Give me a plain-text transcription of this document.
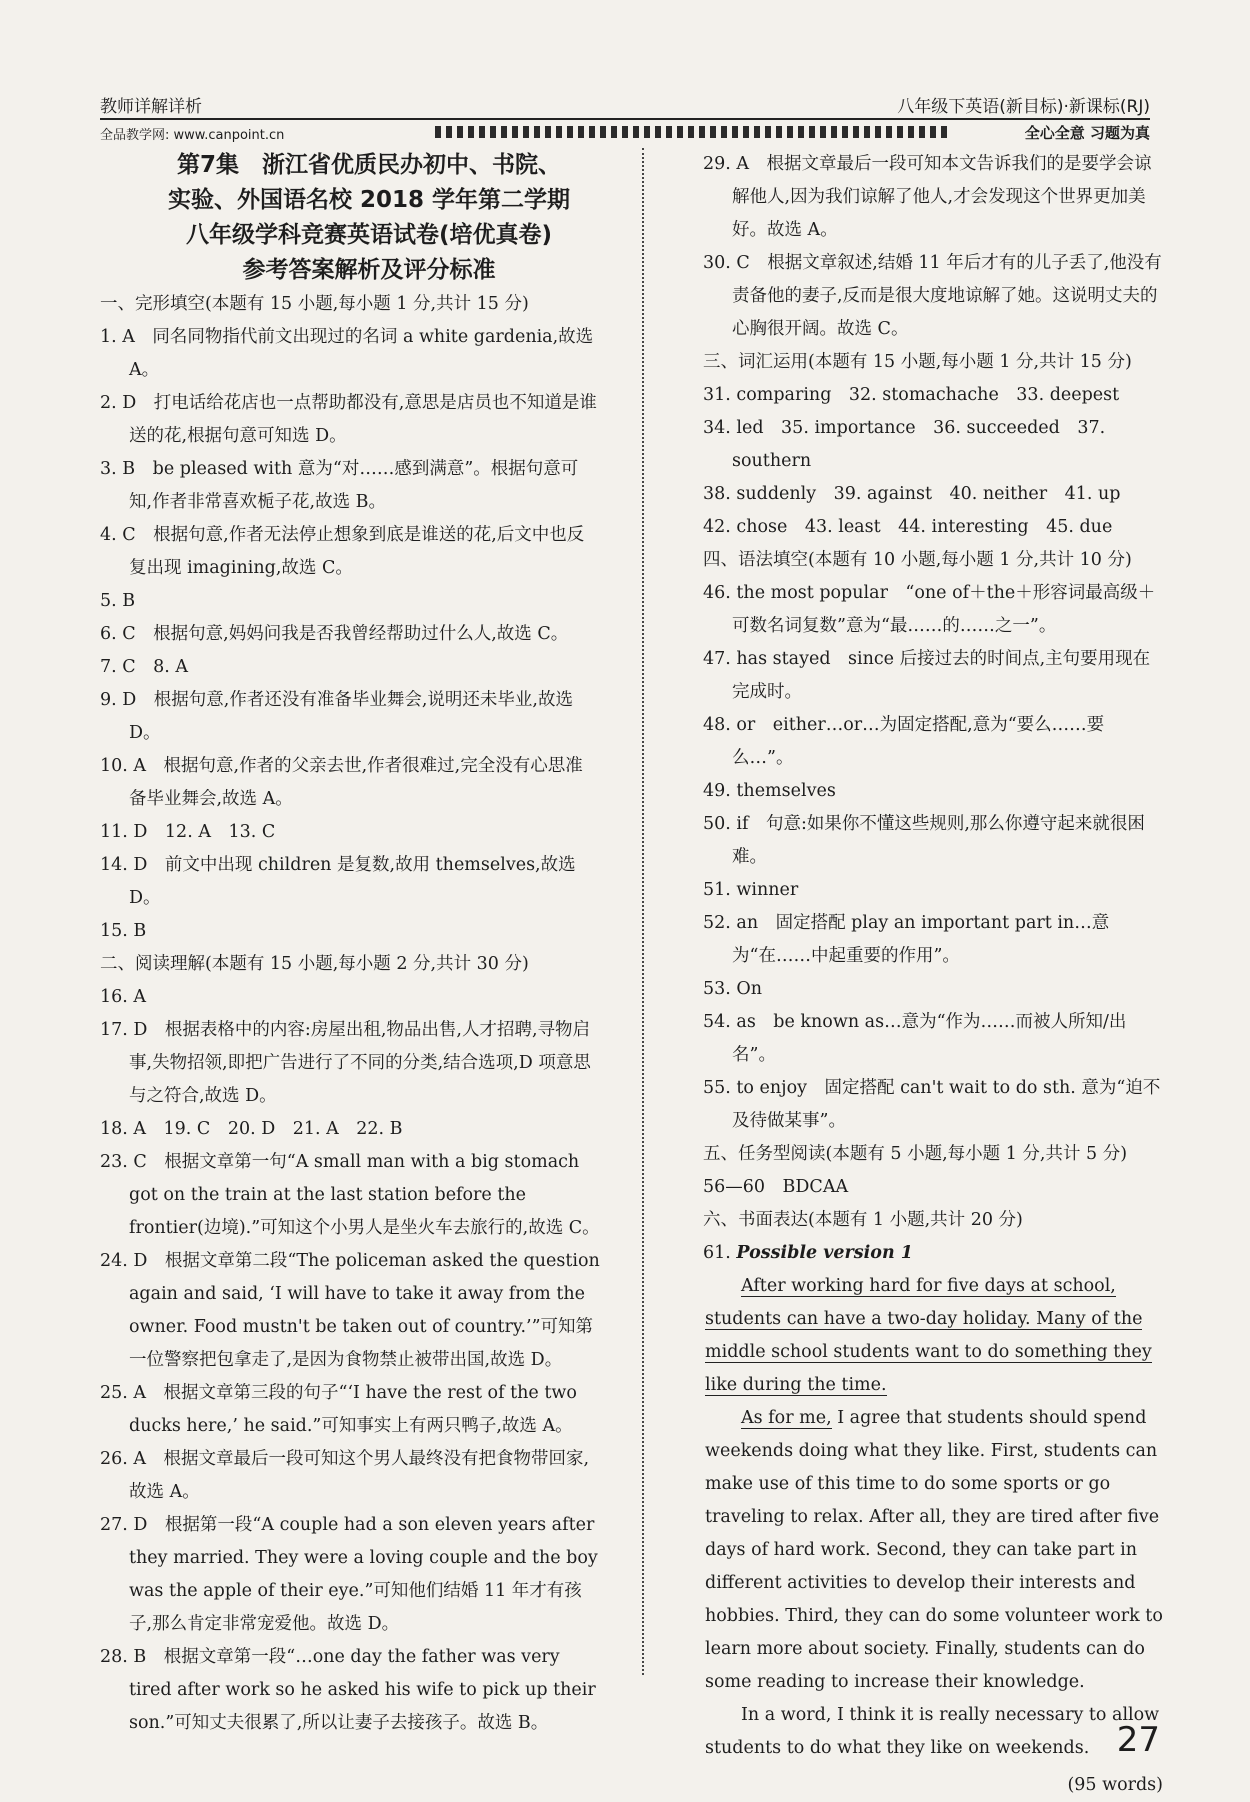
教师详解详析	八年级下英语(新目标)·新课标(RJ)
全品教学网: www.canpoint.cn	全心全意 习题为真
第7集　浙江省优质民办初中、书院、
实验、外国语名校 2018 学年第二学期
八年级学科竞赛英语试卷(培优真卷)
参考答案解析及评分标准
一、完形填空(本题有 15 小题,每小题 1 分,共计 15 分)
1. A　同名同物指代前文出现过的名词 a white gardenia,故选 A。
2. D　打电话给花店也一点帮助都没有,意思是店员也不知道是谁送的花,根据句意可知选 D。
3. B　be pleased with 意为“对……感到满意”。根据句意可知,作者非常喜欢栀子花,故选 B。
4. C　根据句意,作者无法停止想象到底是谁送的花,后文中也反复出现 imagining,故选 C。
5. B
6. C　根据句意,妈妈问我是否我曾经帮助过什么人,故选 C。
7. C　8. A
9. D　根据句意,作者还没有准备毕业舞会,说明还未毕业,故选 D。
10. A　根据句意,作者的父亲去世,作者很难过,完全没有心思准备毕业舞会,故选 A。
11. D　12. A　13. C
14. D　前文中出现 children 是复数,故用 themselves,故选 D。
15. B
二、阅读理解(本题有 15 小题,每小题 2 分,共计 30 分)
16. A
17. D　根据表格中的内容:房屋出租,物品出售,人才招聘,寻物启事,失物招领,即把广告进行了不同的分类,结合选项,D 项意思与之符合,故选 D。
18. A　19. C　20. D　21. A　22. B
23. C　根据文章第一句“A small man with a big stomach got on the train at the last station before the frontier(边境).”可知这个小男人是坐火车去旅行的,故选 C。
24. D　根据文章第二段“The policeman asked the question again and said, ‘I will have to take it away from the owner. Food mustn't be taken out of country.’”可知第一位警察把包拿走了,是因为食物禁止被带出国,故选 D。
25. A　根据文章第三段的句子“‘I have the rest of the two ducks here,’ he said.”可知事实上有两只鸭子,故选 A。
26. A　根据文章最后一段可知这个男人最终没有把食物带回家,故选 A。
27. D　根据第一段“A couple had a son eleven years after they married. They were a loving couple and the boy was the apple of their eye.”可知他们结婚 11 年才有孩子,那么肯定非常宠爱他。故选 D。
28. B　根据文章第一段“…one day the father was very tired after work so he asked his wife to pick up their son.”可知丈夫很累了,所以让妻子去接孩子。故选 B。
29. A　根据文章最后一段可知本文告诉我们的是要学会谅解他人,因为我们谅解了他人,才会发现这个世界更加美好。故选 A。
30. C　根据文章叙述,结婚 11 年后才有的儿子丢了,他没有责备他的妻子,反而是很大度地谅解了她。这说明丈夫的心胸很开阔。故选 C。
三、词汇运用(本题有 15 小题,每小题 1 分,共计 15 分)
31. comparing　32. stomachache　33. deepest
34. led　35. importance　36. succeeded　37. southern
38. suddenly　39. against　40. neither　41. up
42. chose　43. least　44. interesting　45. due
四、语法填空(本题有 10 小题,每小题 1 分,共计 10 分)
46. the most popular　“one of＋the＋形容词最高级＋可数名词复数”意为“最……的……之一”。
47. has stayed　since 后接过去的时间点,主句要用现在完成时。
48. or　either…or…为固定搭配,意为“要么……要么…”。
49. themselves
50. if　句意:如果你不懂这些规则,那么你遵守起来就很困难。
51. winner
52. an　固定搭配 play an important part in…意为“在……中起重要的作用”。
53. On
54. as　be known as…意为“作为……而被人所知/出名”。
55. to enjoy　固定搭配 can't wait to do sth. 意为“迫不及待做某事”。
五、任务型阅读(本题有 5 小题,每小题 1 分,共计 5 分)
56—60　BDCAA
六、书面表达(本题有 1 小题,共计 20 分)
61. Possible version 1
After working hard for five days at school, students can have a two-day holiday. Many of the middle school students want to do something they like during the time.
As for me, I agree that students should spend weekends doing what they like. First, students can make use of this time to do some sports or go traveling to relax. After all, they are tired after five days of hard work. Second, they can take part in different activities to develop their interests and hobbies. Third, they can do some volunteer work to learn more about society. Finally, students can do some reading to increase their knowledge.
In a word, I think it is really necessary to allow students to do what they like on weekends.
(95 words)
27
